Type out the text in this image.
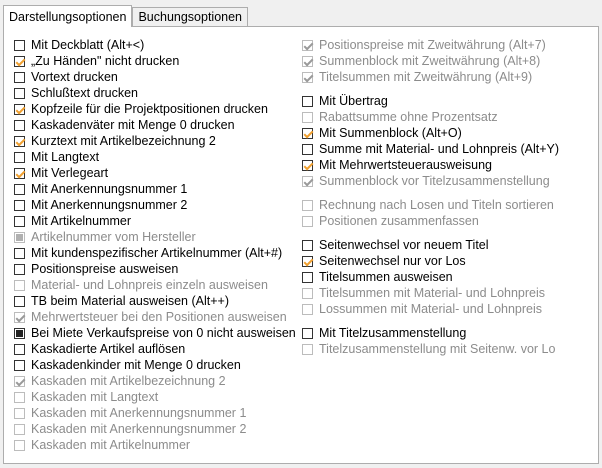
Darstellungsoptionen Buchungsoptionen
Mit Deckblatt (Alt+<)
„Zu Händen" nicht drucken
Vortext drucken
Schlußtext drucken
Kopfzeile für die Projektpositionen drucken
Kaskadenväter mit Menge 0 drucken
Kurztext mit Artikelbezeichnung 2
Mit Langtext
Mit Verlegeart
Mit Anerkennungsnummer 1
Mit Anerkennungsnummer 2
Mit Artikelnummer
Artikelnummer vom Hersteller
Mit kundenspezifischer Artikelnummer (Alt+#)
Positionspreise ausweisen
Material- und Lohnpreis einzeln ausweisen
TB beim Material ausweisen (Alt++)
Mehrwertsteuer bei den Positionen ausweisen
Bei Miete Verkaufspreise von 0 nicht ausweisen
Kaskadierte Artikel auflösen
Kaskadenkinder mit Menge 0 drucken
Kaskaden mit Artikelbezeichnung 2
Kaskaden mit Langtext
Kaskaden mit Anerkennungsnummer 1
Kaskaden mit Anerkennungsnummer 2
Kaskaden mit Artikelnummer
Positionspreise mit Zweitwährung (Alt+7)
Summenblock mit Zweitwährung (Alt+8)
Titelsummen mit Zweitwährung (Alt+9)
Mit Übertrag
Rabattsumme ohne Prozentsatz
Mit Summenblock (Alt+O)
Summe mit Material- und Lohnpreis (Alt+Y)
Mit Mehrwertsteuerausweisung
Summenblock vor Titelzusammenstellung
Rechnung nach Losen und Titeln sortieren
Positionen zusammenfassen
Seitenwechsel vor neuem Titel
Seitenwechsel nur vor Los
Titelsummen ausweisen
Titelsummen mit Material- und Lohnpreis
Lossummen mit Material- und Lohnpreis
Mit Titelzusammenstellung
Titelzusammenstellung mit Seitenw. vor Lo
